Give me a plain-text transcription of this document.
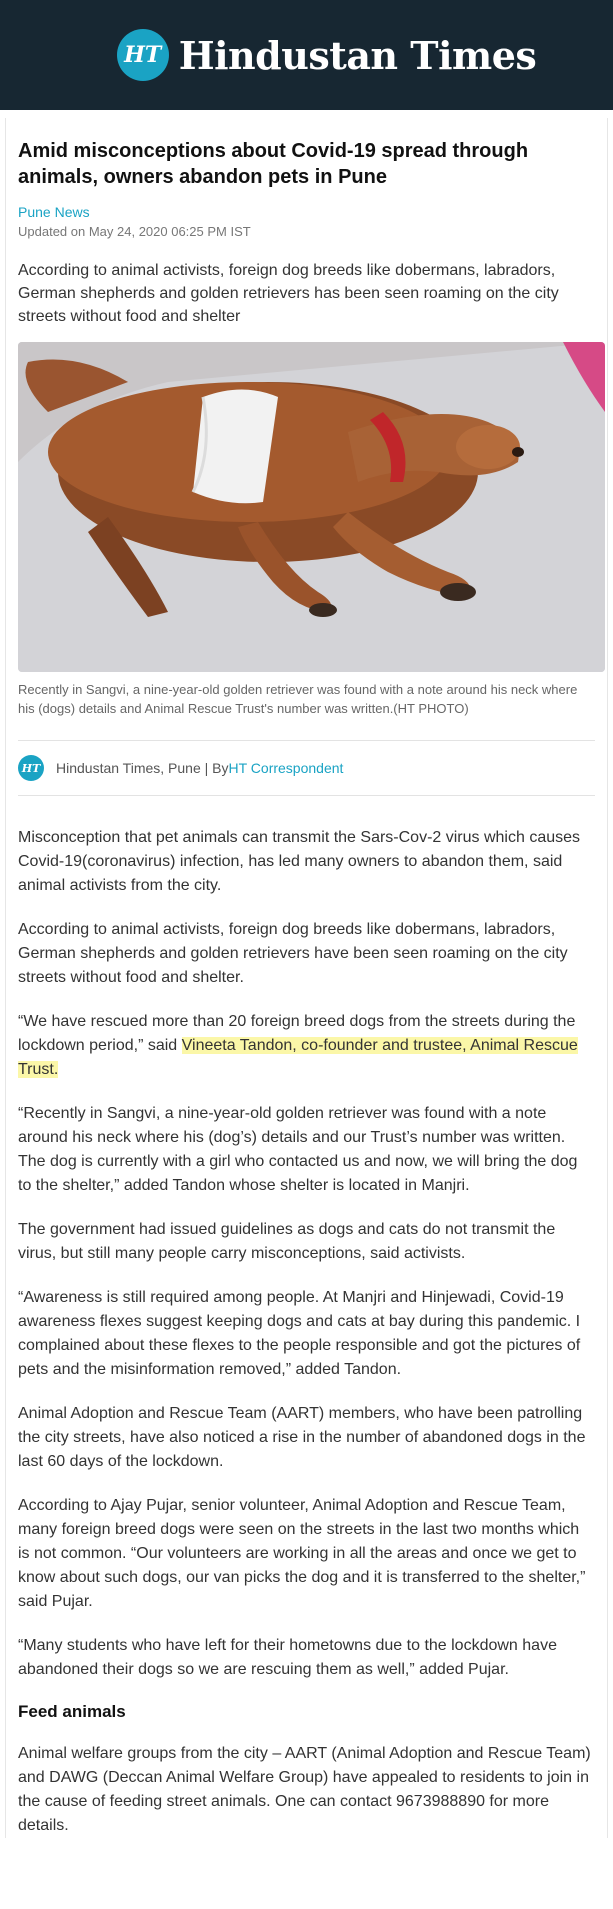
HT Hindustan Times
Amid misconceptions about Covid-19 spread through animals, owners abandon pets in Pune
Pune News
Updated on May 24, 2020 06:25 PM IST
According to animal activists, foreign dog breeds like dobermans, labradors, German shepherds and golden retrievers has been seen roaming on the city streets without food and shelter
Recently in Sangvi, a nine-year-old golden retriever was found with a note around his neck where his (dogs) details and Animal Rescue Trust's number was written.(HT PHOTO)
HT Hindustan Times, Pune | By HT Correspondent

Misconception that pet animals can transmit the Sars-Cov-2 virus which causes Covid-19(coronavirus) infection, has led many owners to abandon them, said animal activists from the city.

According to animal activists, foreign dog breeds like dobermans, labradors, German shepherds and golden retrievers have been seen roaming on the city streets without food and shelter.

“We have rescued more than 20 foreign breed dogs from the streets during the lockdown period,” said Vineeta Tandon, co-founder and trustee, Animal Rescue Trust.

“Recently in Sangvi, a nine-year-old golden retriever was found with a note around his neck where his (dog’s) details and our Trust’s number was written. The dog is currently with a girl who contacted us and now, we will bring the dog to the shelter,” added Tandon whose shelter is located in Manjri.

The government had issued guidelines as dogs and cats do not transmit the virus, but still many people carry misconceptions, said activists.

“Awareness is still required among people. At Manjri and Hinjewadi, Covid-19 awareness flexes suggest keeping dogs and cats at bay during this pandemic. I complained about these flexes to the people responsible and got the pictures of pets and the misinformation removed,” added Tandon.

Animal Adoption and Rescue Team (AART) members, who have been patrolling the city streets, have also noticed a rise in the number of abandoned dogs in the last 60 days of the lockdown.

According to Ajay Pujar, senior volunteer, Animal Adoption and Rescue Team, many foreign breed dogs were seen on the streets in the last two months which is not common. “Our volunteers are working in all the areas and once we get to know about such dogs, our van picks the dog and it is transferred to the shelter,” said Pujar.

“Many students who have left for their hometowns due to the lockdown have abandoned their dogs so we are rescuing them as well,” added Pujar.

Feed animals

Animal welfare groups from the city – AART (Animal Adoption and Rescue Team) and DAWG (Deccan Animal Welfare Group) have appealed to residents to join in the cause of feeding street animals. One can contact 9673988890 for more details.
